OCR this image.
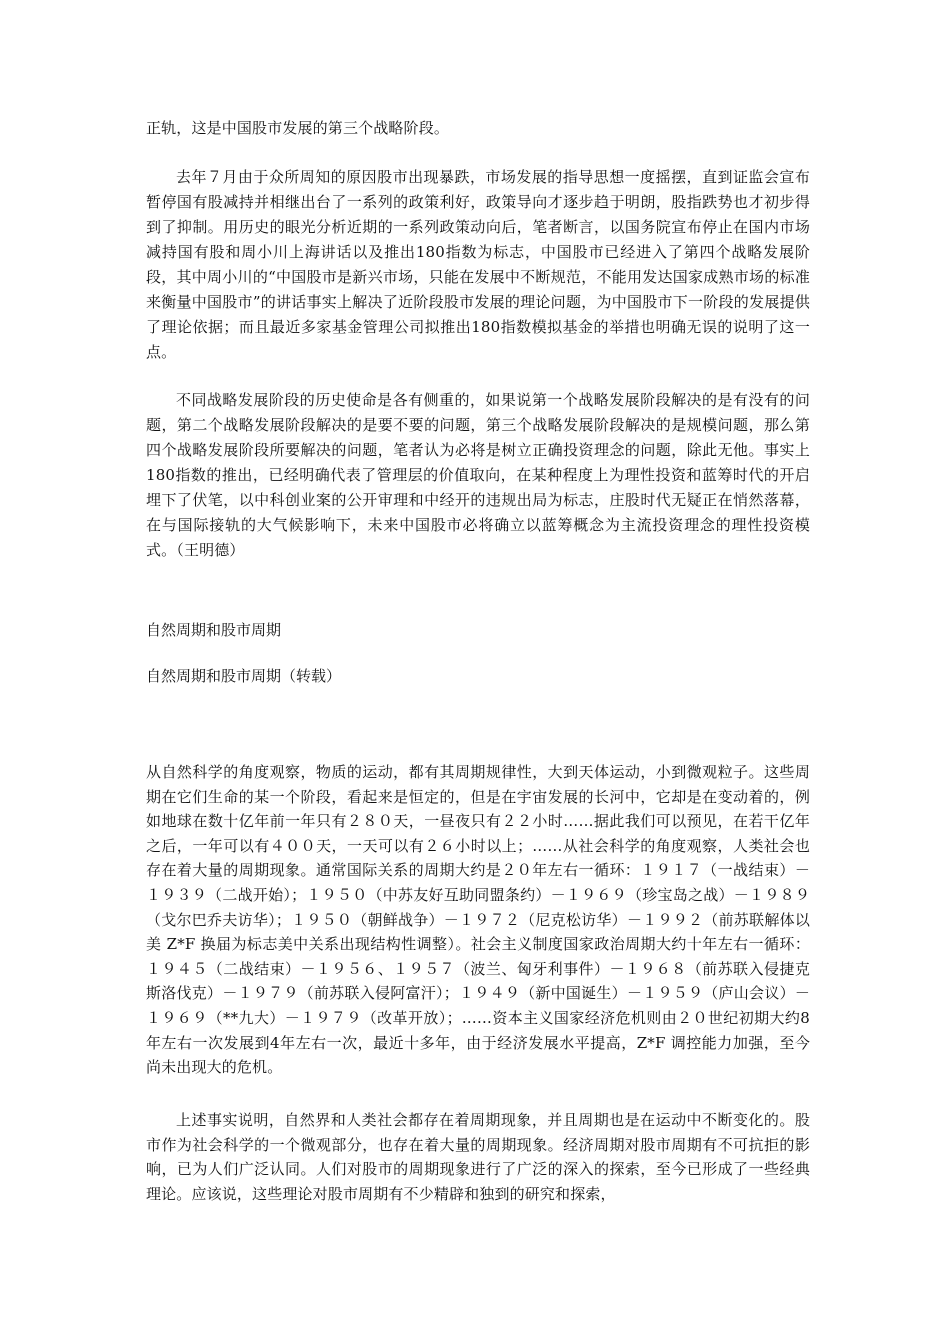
正轨，这是中国股市发展的第三个战略阶段。

去年７月由于众所周知的原因股市出现暴跌，市场发展的指导思想一度摇摆，直到证监会宣布暂停国有股减持并相继出台了一系列的政策利好，政策导向才逐步趋于明朗，股指跌势也才初步得到了抑制。用历史的眼光分析近期的一系列政策动向后，笔者断言，以国务院宣布停止在国内市场减持国有股和周小川上海讲话以及推出180指数为标志，中国股市已经进入了第四个战略发展阶段，其中周小川的“中国股市是新兴市场，只能在发展中不断规范，不能用发达国家成熟市场的标准来衡量中国股市”的讲话事实上解决了近阶段股市发展的理论问题，为中国股市下一阶段的发展提供了理论依据；而且最近多家基金管理公司拟推出180指数模拟基金的举措也明确无误的说明了这一点。

不同战略发展阶段的历史使命是各有侧重的，如果说第一个战略发展阶段解决的是有没有的问题，第二个战略发展阶段解决的是要不要的问题，第三个战略发展阶段解决的是规模问题，那么第四个战略发展阶段所要解决的问题，笔者认为必将是树立正确投资理念的问题，除此无他。事实上180指数的推出，已经明确代表了管理层的价值取向，在某种程度上为理性投资和蓝筹时代的开启埋下了伏笔，以中科创业案的公开审理和中经开的违规出局为标志，庄股时代无疑正在悄然落幕，在与国际接轨的大气候影响下，未来中国股市必将确立以蓝筹概念为主流投资理念的理性投资模式。（王明德）

自然周期和股市周期
自然周期和股市周期（转载）

从自然科学的角度观察，物质的运动，都有其周期规律性，大到天体运动，小到微观粒子。这些周期在它们生命的某一个阶段，看起来是恒定的，但是在宇宙发展的长河中，它却是在变动着的，例如地球在数十亿年前一年只有２８０天，一昼夜只有２２小时……据此我们可以预见，在若干亿年之后，一年可以有４００天，一天可以有２６小时以上；……从社会科学的角度观察，人类社会也存在着大量的周期现象。通常国际关系的周期大约是２０年左右一循环：１９１７（一战结束）－１９３９（二战开始）；１９５０（中苏友好互助同盟条约）－１９６９（珍宝岛之战）－１９８９（戈尔巴乔夫访华）；１９５０（朝鲜战争）－１９７２（尼克松访华）－１９９２（前苏联解体以美 Z*F 换届为标志美中关系出现结构性调整）。社会主义制度国家政治周期大约十年左右一循环：１９４５（二战结束）－１９５６、１９５７（波兰、匈牙利事件）－１９６８（前苏联入侵捷克斯洛伐克）－１９７９（前苏联入侵阿富汗）；１９４９（新中国诞生）－１９５９（庐山会议）－１９６９（**九大）－１９７９（改革开放）；……资本主义国家经济危机则由２０世纪初期大约8年左右一次发展到4年左右一次，最近十多年，由于经济发展水平提高，Z*F 调控能力加强，至今尚未出现大的危机。

上述事实说明，自然界和人类社会都存在着周期现象，并且周期也是在运动中不断变化的。股市作为社会科学的一个微观部分，也存在着大量的周期现象。经济周期对股市周期有不可抗拒的影响，已为人们广泛认同。人们对股市的周期现象进行了广泛的深入的探索，至今已形成了一些经典理论。应该说，这些理论对股市周期有不少精辟和独到的研究和探索，
